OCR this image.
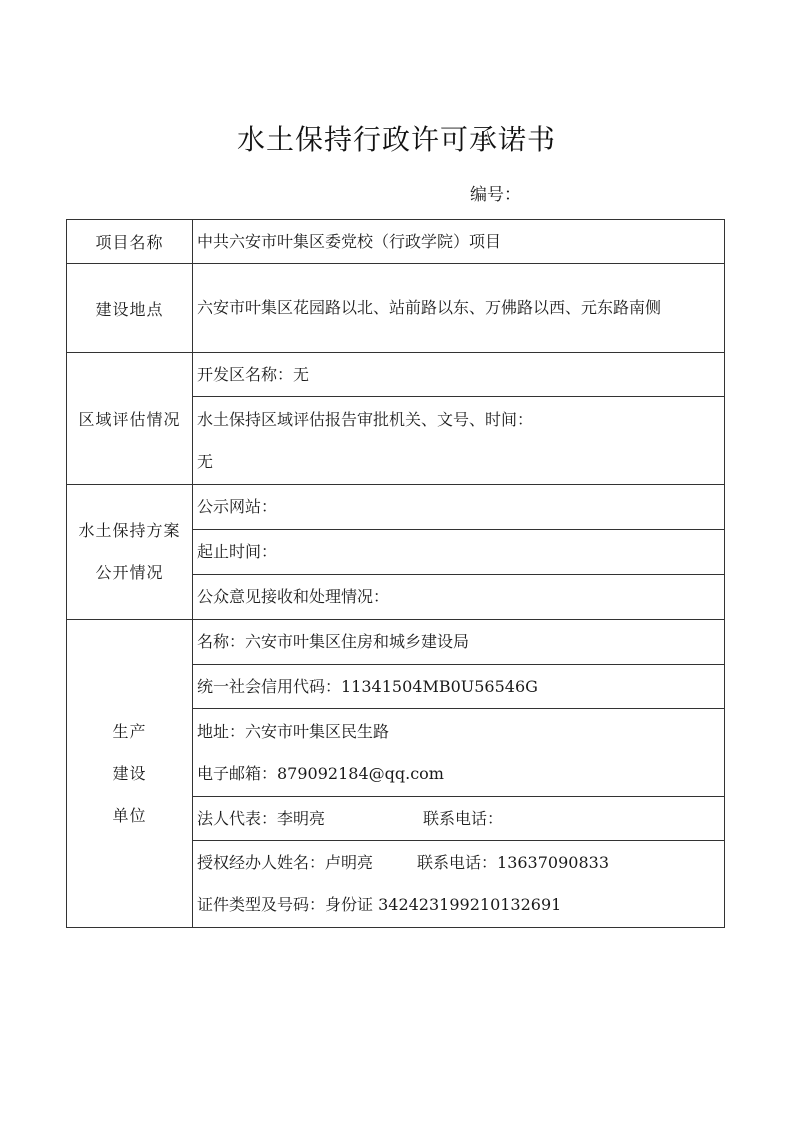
水土保持行政许可承诺书
编号：
项目名称	中共六安市叶集区委党校（行政学院）项目
建设地点	六安市叶集区花园路以北、站前路以东、万佛路以西、元东路南侧
区域评估情况	开发区名称：无

	水土保持区域评估报告审批机关、文号、时间：
无

水土保持方案
公开情况	公示网站：
	起止时间：
	公众意见接收和处理情况：

生产
建设
单位	名称：六安市叶集区住房和城乡建设局
	统一社会信用代码：11341504MB0U56546G

	地址：六安市叶集区民生路
电子邮箱：879092184@qq.com

	法人代表：李明亮 联系电话：

	授权经办人姓名：卢明亮 联系电话：13637090833
证件类型及号码：身份证 342423199210132691
